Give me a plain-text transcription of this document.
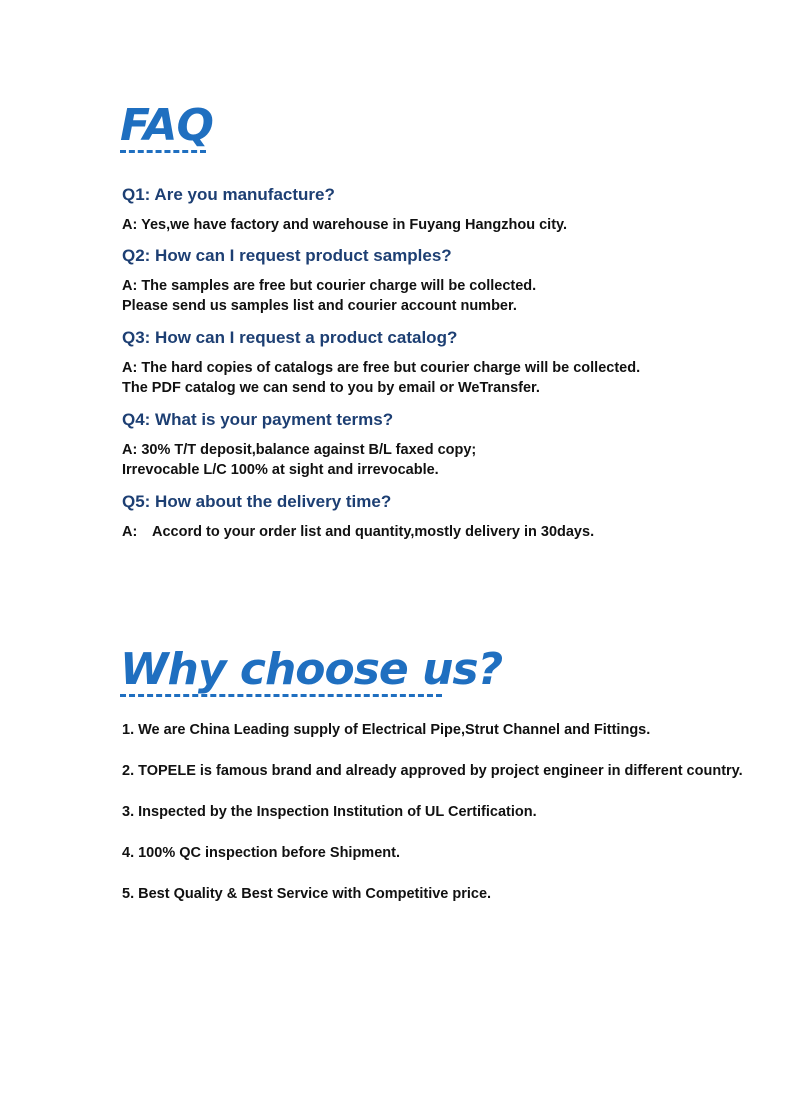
FAQ

Q1: Are you manufacture?

A: Yes,we have factory and warehouse in Fuyang Hangzhou city.

Q2: How can I request product samples?

A: The samples are free but courier charge will be collected.
Please send us samples list and courier account number.

Q3: How can I request a product catalog?

A: The hard copies of catalogs are free but courier charge will be collected.
The PDF catalog we can send to you by email or WeTransfer.

Q4: What is your payment terms?

A: 30% T/T deposit,balance against B/L faxed copy;
Irrevocable L/C 100% at sight and irrevocable.

Q5: How about the delivery time?

A: Accord to your order list and quantity,mostly delivery in 30days.

Why choose us?
1. We are China Leading supply of Electrical Pipe,Strut Channel and Fittings.
2. TOPELE is famous brand and already approved by project engineer in different country.
3. Inspected by the Inspection Institution of UL Certification.
4. 100% QC inspection before Shipment.
5. Best Quality & Best Service with Competitive price.
